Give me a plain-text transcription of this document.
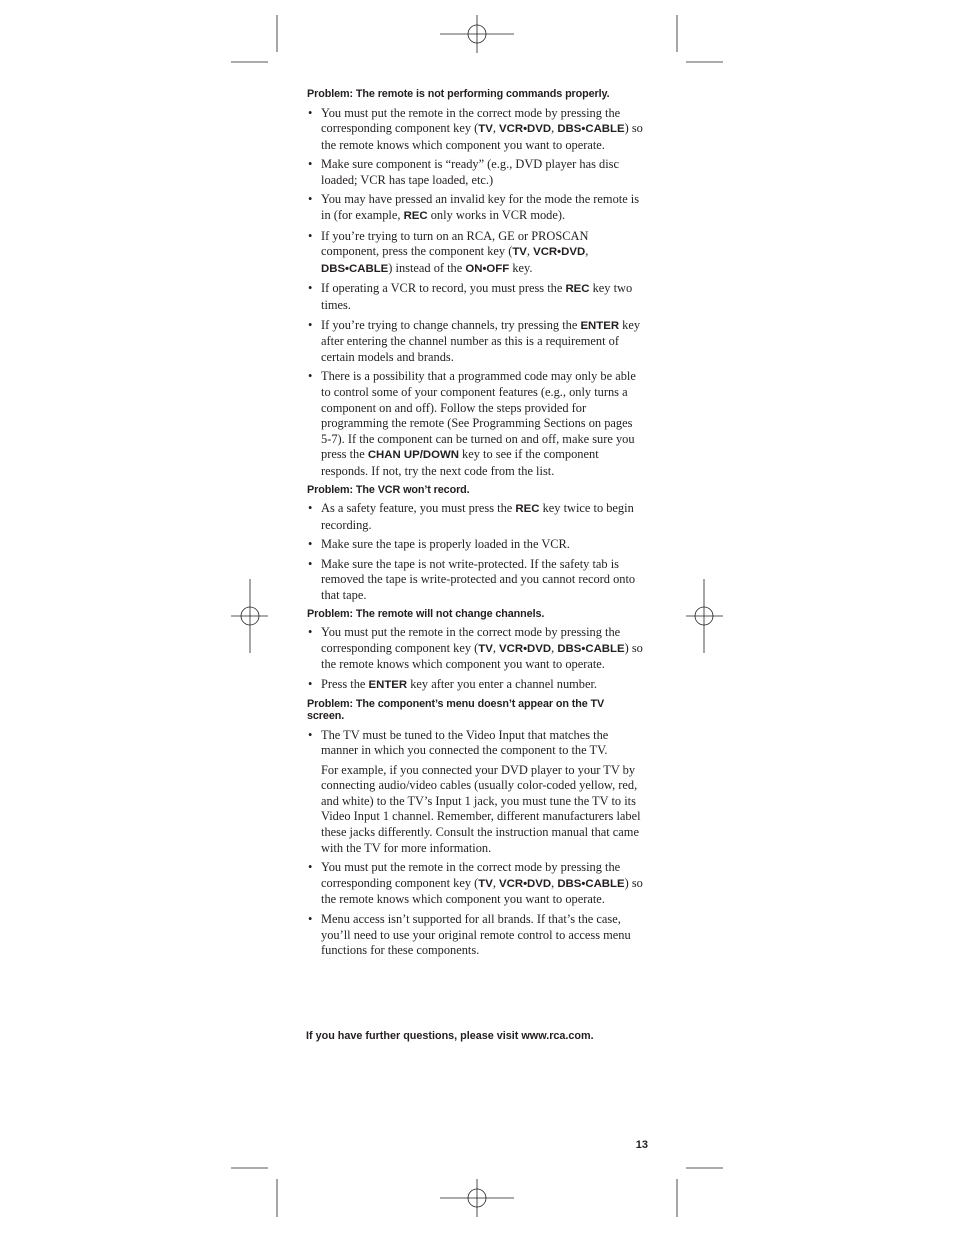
Problem: The remote is not performing commands properly.
• You must put the remote in the correct mode by pressing the corresponding component key (TV, VCR•DVD, DBS•CABLE) so the remote knows which component you want to operate.
• Make sure component is “ready” (e.g., DVD player has disc loaded; VCR has tape loaded, etc.)
• You may have pressed an invalid key for the mode the remote is in (for example, REC only works in VCR mode).
• If you’re trying to turn on an RCA, GE or PROSCAN component, press the component key (TV, VCR•DVD, DBS•CABLE) instead of the ON•OFF key.
• If operating a VCR to record, you must press the REC key two times.
• If you’re trying to change channels, try pressing the ENTER key after entering the channel number as this is a requirement of certain models and brands.
• There is a possibility that a programmed code may only be able to control some of your component features (e.g., only turns a component on and off). Follow the steps provided for programming the remote (See Programming Sections on pages 5-7). If the component can be turned on and off, make sure you press the CHAN UP/DOWN key to see if the component responds. If not, try the next code from the list.
Problem: The VCR won’t record.
• As a safety feature, you must press the REC key twice to begin recording.
• Make sure the tape is properly loaded in the VCR.
• Make sure the tape is not write-protected. If the safety tab is removed the tape is write-protected and you cannot record onto that tape.
Problem: The remote will not change channels.
• You must put the remote in the correct mode by pressing the corresponding component key (TV, VCR•DVD, DBS•CABLE) so the remote knows which component you want to operate.
• Press the ENTER key after you enter a channel number.
Problem: The component’s menu doesn’t appear on the TV screen.
• The TV must be tuned to the Video Input that matches the manner in which you connected the component to the TV.
For example, if you connected your DVD player to your TV by connecting audio/video cables (usually color-coded yellow, red, and white) to the TV’s Input 1 jack, you must tune the TV to its Video Input 1 channel. Remember, different manufacturers label these jacks differently. Consult the instruction manual that came with the TV for more information.
• You must put the remote in the correct mode by pressing the corresponding component key (TV, VCR•DVD, DBS•CABLE) so the remote knows which component you want to operate.
• Menu access isn’t supported for all brands. If that’s the case, you’ll need to use your original remote control to access menu functions for these components.
If you have further questions, please visit www.rca.com.
13
